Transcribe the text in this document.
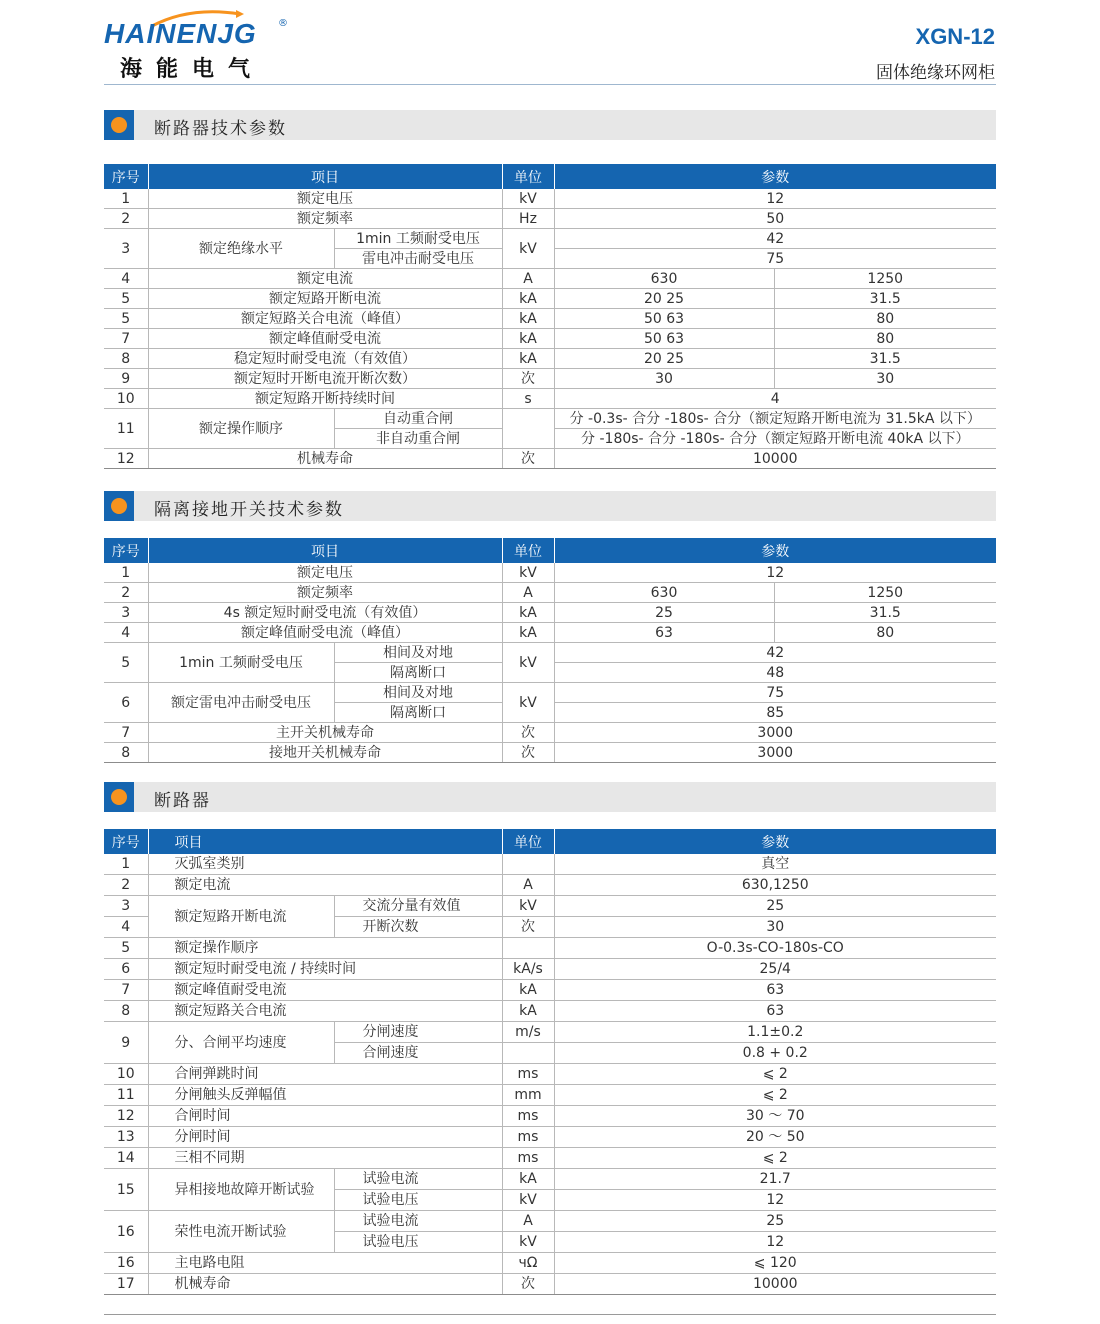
HAINENJG ®
海能电气
XGN-12
固体绝缘环网柜
断路器技术参数
序号	项目		单位	参数	
1	额定电压		kV	12	
2	额定频率		Hz	50	
3	额定绝缘水平	1min 工频耐受电压	kV	42	
		雷电冲击耐受电压		75	
4	额定电流		A	630	1250
5	额定短路开断电流		kA	20 25	31.5
5	额定短路关合电流（峰值）		kA	50 63	80
7	额定峰值耐受电流		kA	50 63	80
8	稳定短时耐受电流（有效值）		kA	20 25	31.5
9	额定短时开断电流开断次数）		次	30	30
10	额定短路开断持续时间		s	4	
11	额定操作顺序	自动重合闸		分 -0.3s- 合分 -180s- 合分（额定短路开断电流为 31.5kA 以下）	
		非自动重合闸		分 -180s- 合分 -180s- 合分（额定短路开断电流 40kA 以下）	
12	机械寿命		次	10000	
隔离接地开关技术参数
序号	项目		单位	参数	
1	额定电压		kV	12	
2	额定频率		A	630	1250
3	4s 额定短时耐受电流（有效值）		kA	25	31.5
4	额定峰值耐受电流（峰值）		kA	63	80
5	1min 工频耐受电压	相间及对地	kV	42	
		隔离断口		48	
6	额定雷电冲击耐受电压	相间及对地	kV	75	
		隔离断口		85	
7	主开关机械寿命		次	3000	
8	接地开关机械寿命		次	3000	
断路器
序号	项目		单位	参数
1	灭弧室类别			真空
2	额定电流		A	630,1250
3	额定短路开断电流	交流分量有效值	kV	25
4		开断次数	次	30
5	额定操作顺序			O-0.3s-CO-180s-CO
6	额定短时耐受电流 / 持续时间		kA/s	25/4
7	额定峰值耐受电流		kA	63
8	额定短路关合电流		kA	63
9	分、合闸平均速度	分闸速度	m/s	1.1±0.2
		合闸速度		0.8 + 0.2
10	合闸弹跳时间		ms	⩽ 2
11	分闸触头反弹幅值		mm	⩽ 2
12	合闸时间		ms	30 ～ 70
13	分闸时间		ms	20 ～ 50
14	三相不同期		ms	⩽ 2
15	异相接地故障开断试验	试验电流	kA	21.7
		试验电压	kV	12
16	荣性电流开断试验	试验电流	A	25
		试验电压	kV	12
16	主电路电阻		чΩ	⩽ 120
17	机械寿命		次	10000
